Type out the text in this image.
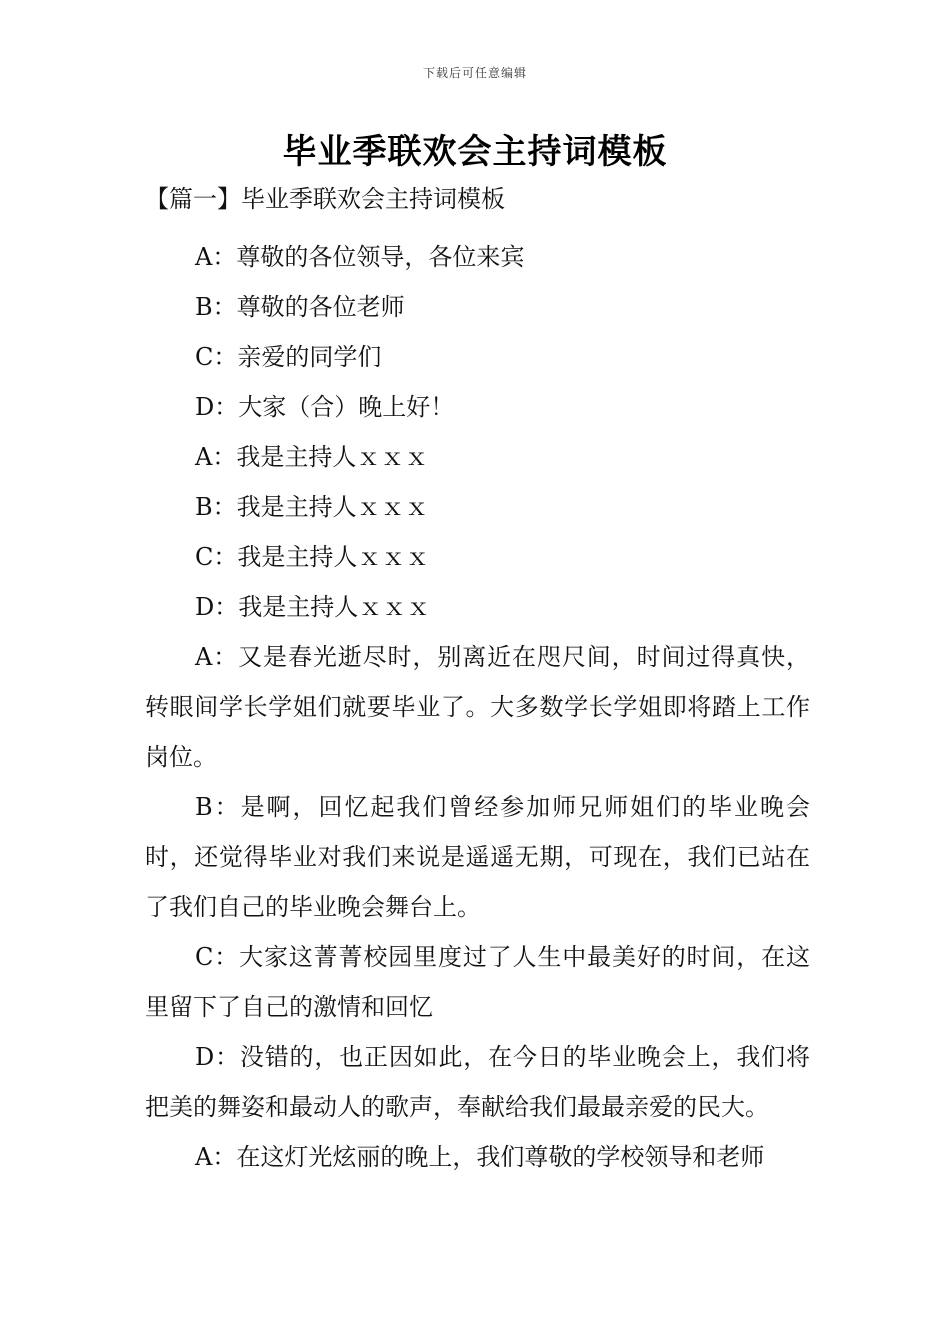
下载后可任意编辑
毕业季联欢会主持词模板

【篇一】毕业季联欢会主持词模板

A：尊敬的各位领导，各位来宾

B：尊敬的各位老师

C：亲爱的同学们

D：大家（合）晚上好！

A：我是主持人ｘｘｘ

B：我是主持人ｘｘｘ

C：我是主持人ｘｘｘ

D：我是主持人ｘｘｘ

A：又是春光逝尽时，别离近在咫尺间，时间过得真快，转眼间学长学姐们就要毕业了。大多数学长学姐即将踏上工作岗位。

B：是啊，回忆起我们曾经参加师兄师姐们的毕业晚会时，还觉得毕业对我们来说是遥遥无期，可现在，我们已站在了我们自己的毕业晚会舞台上。

C：大家这菁菁校园里度过了人生中最美好的时间，在这里留下了自己的激情和回忆

D：没错的，也正因如此，在今日的毕业晚会上，我们将把美的舞姿和最动人的歌声，奉献给我们最最亲爱的民大。

A：在这灯光炫丽的晚上，我们尊敬的学校领导和老师
